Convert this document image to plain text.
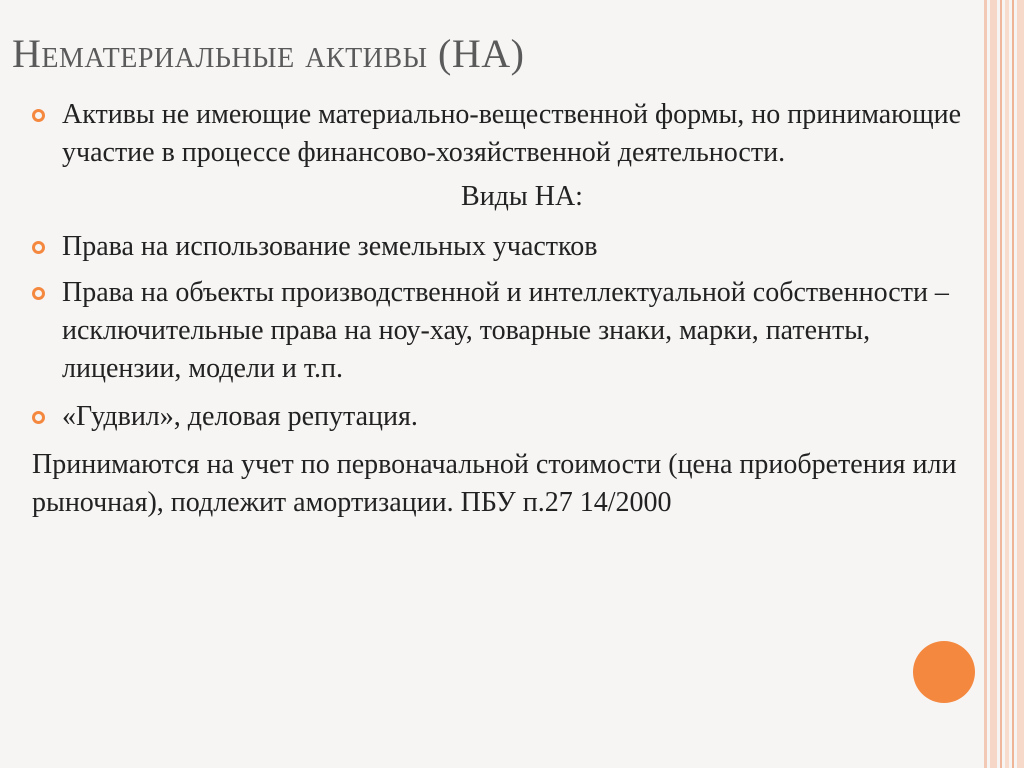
Нематериальные активы (НА)

Активы не имеющие материально-вещественной формы, но принимающие участие в процессе финансово-хозяйственной деятельности.

Виды НА:

Права на использование земельных участков

Права на объекты производственной и интеллектуальной собственности – исключительные права на ноу-хау, товарные знаки, марки, патенты, лицензии, модели и т.п.

«Гудвил», деловая репутация.

Принимаются на учет по первоначальной стоимости (цена приобретения или рыночная), подлежит амортизации. ПБУ п.27 14/2000
